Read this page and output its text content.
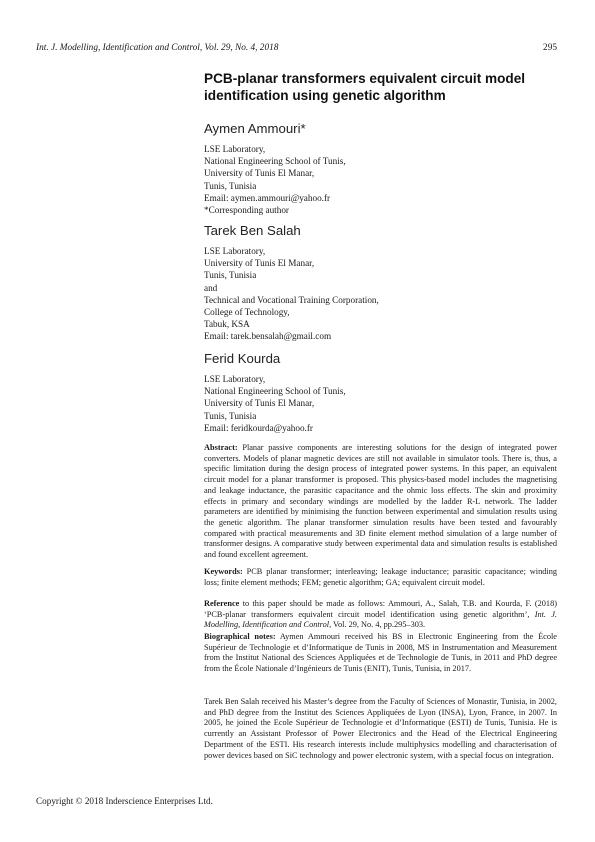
Int. J. Modelling, Identification and Control, Vol. 29, No. 4, 2018	295
PCB-planar transformers equivalent circuit model
identification using genetic algorithm
Aymen Ammouri*
LSE Laboratory,
National Engineering School of Tunis,
University of Tunis El Manar,
Tunis, Tunisia
Email: aymen.ammouri@yahoo.fr
*Corresponding author
Tarek Ben Salah
LSE Laboratory,
University of Tunis El Manar,
Tunis, Tunisia
and
Technical and Vocational Training Corporation,
College of Technology,
Tabuk, KSA
Email: tarek.bensalah@gmail.com
Ferid Kourda
LSE Laboratory,
National Engineering School of Tunis,
University of Tunis El Manar,
Tunis, Tunisia
Email: feridkourda@yahoo.fr

Abstract: Planar passive components are interesting solutions for the design of integrated power converters. Models of planar magnetic devices are still not available in simulator tools. There is, thus, a specific limitation during the design process of integrated power systems. In this paper, an equivalent circuit model for a planar transformer is proposed. This physics-based model includes the magnetising and leakage inductance, the parasitic capacitance and the ohmic loss effects. The skin and proximity effects in primary and secondary windings are modelled by the ladder R-L network. The ladder parameters are identified by minimising the function between experimental and simulation results using the genetic algorithm. The planar transformer simulation results have been tested and favourably compared with practical measurements and 3D finite element method simulation of a large number of transformer designs. A comparative study between experimental data and simulation results is established and found excellent agreement.

Keywords: PCB planar transformer; interleaving; leakage inductance; parasitic capacitance; winding loss; finite element methods; FEM; genetic algorithm; GA; equivalent circuit model.

Reference to this paper should be made as follows: Ammouri, A., Salah, T.B. and Kourda, F. (2018) ‘PCB-planar transformers equivalent circuit model identification using genetic algorithm’, Int. J. Modelling, Identification and Control, Vol. 29, No. 4, pp.295–303.

Biographical notes: Aymen Ammouri received his BS in Electronic Engineering from the École Supérieur de Technologie et d’Informatique de Tunis in 2008, MS in Instrumentation and Measurement from the Institut National des Sciences Appliquées et de Technologie de Tunis, in 2011 and PhD degree from the École Nationale d’Ingénieurs de Tunis (ENIT), Tunis, Tunisia, in 2017.

Tarek Ben Salah received his Master’s degree from the Faculty of Sciences of Monastir, Tunisia, in 2002, and PhD degree from the Institut des Sciences Appliquées de Lyon (INSA), Lyon, France, in 2007. In 2005, he joined the Ecole Supérieur de Technologie et d’Informatique (ESTI) de Tunis, Tunisia. He is currently an Assistant Professor of Power Electronics and the Head of the Electrical Engineering Department of the ESTI. His research interests include multiphysics modelling and characterisation of power devices based on SiC technology and power electronic system, with a special focus on integration.

Copyright © 2018 Inderscience Enterprises Ltd.
